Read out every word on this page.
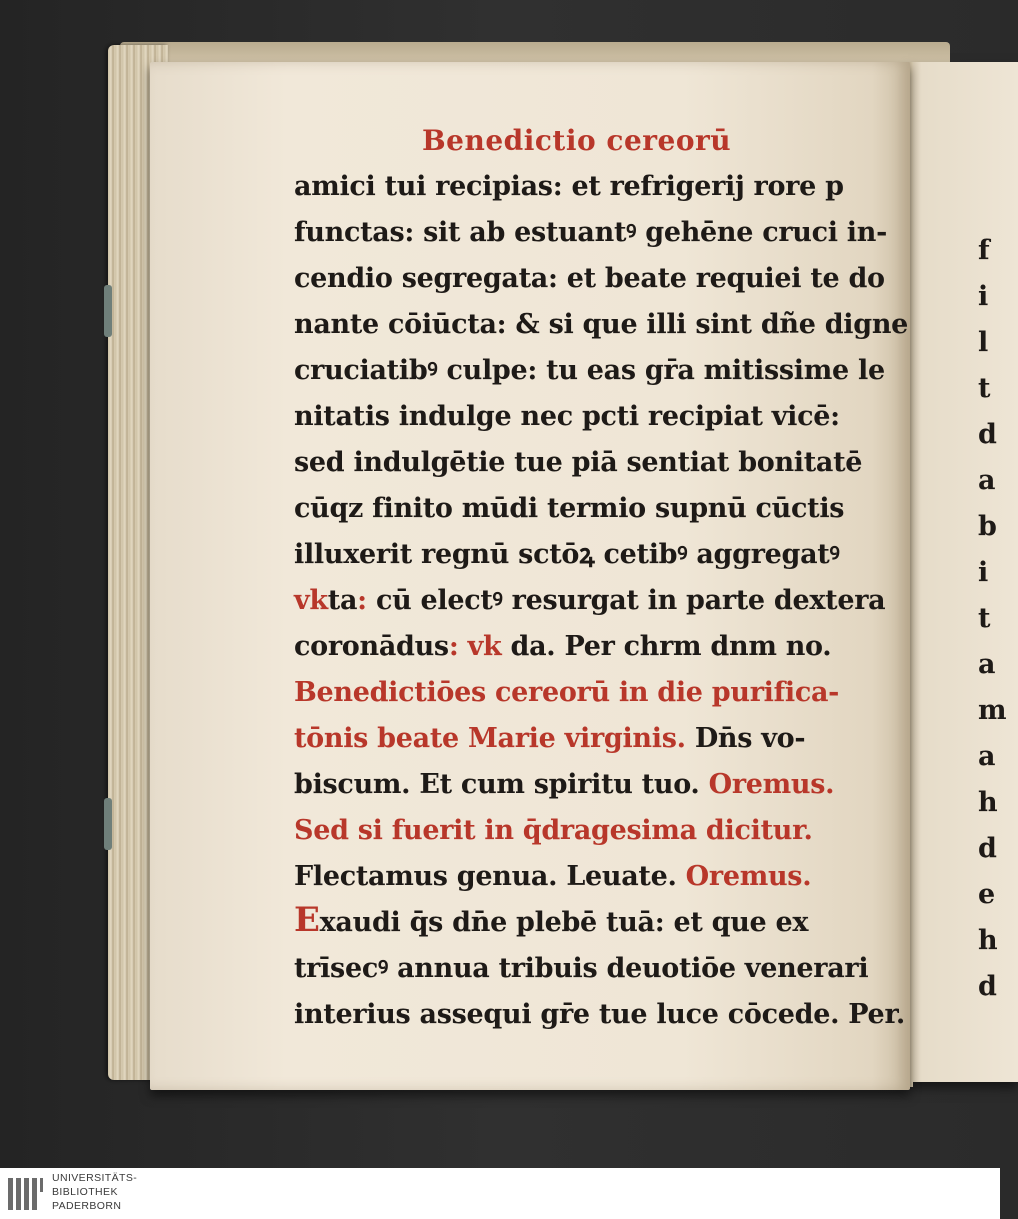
Benedictio cereorū
amici tui recipias: et refrigerij rore p
functas: sit ab estuantꝰ gehēne cruci in-
cendio segregata: et beate requiei te do
nante cōiūcta: & si que illi sint dñe digne
cruciatibꝰ culpe: tu eas gr̄a mitissime le
nitatis indulge nec pcti recipiat vicē:
sed indulgētie tue piā sentiat bonitatē
cūqz finito mūdi termio supnū cūctis
illuxerit regnū sctōꝝ cetibꝰ aggregatꝰ
vkta: cū electꝰ resurgat in parte dextera
coronādus: vk da. Per chrm dnm no.
Benedictiōes cereorū in die purifica-
tōnis beate Marie virginis. Dn̄s vo-
biscum. Et cum spiritu tuo. Oremus.
Sed si fuerit in q̄dragesima dicitur.
Flectamus genua. Leuate. Oremus.
Exaudi q̄s dn̄e plebē tuā: et que ex
trīsecꝰ annua tribuis deuotiōe venerari
interius assequi gr̄e tue luce cōcede. Per.
f
i
l
t
d
a
b
i
t
a
m
a
h
d
e
h
d
UNIVERSITÄTS-
BIBLIOTHEK
PADERBORN
